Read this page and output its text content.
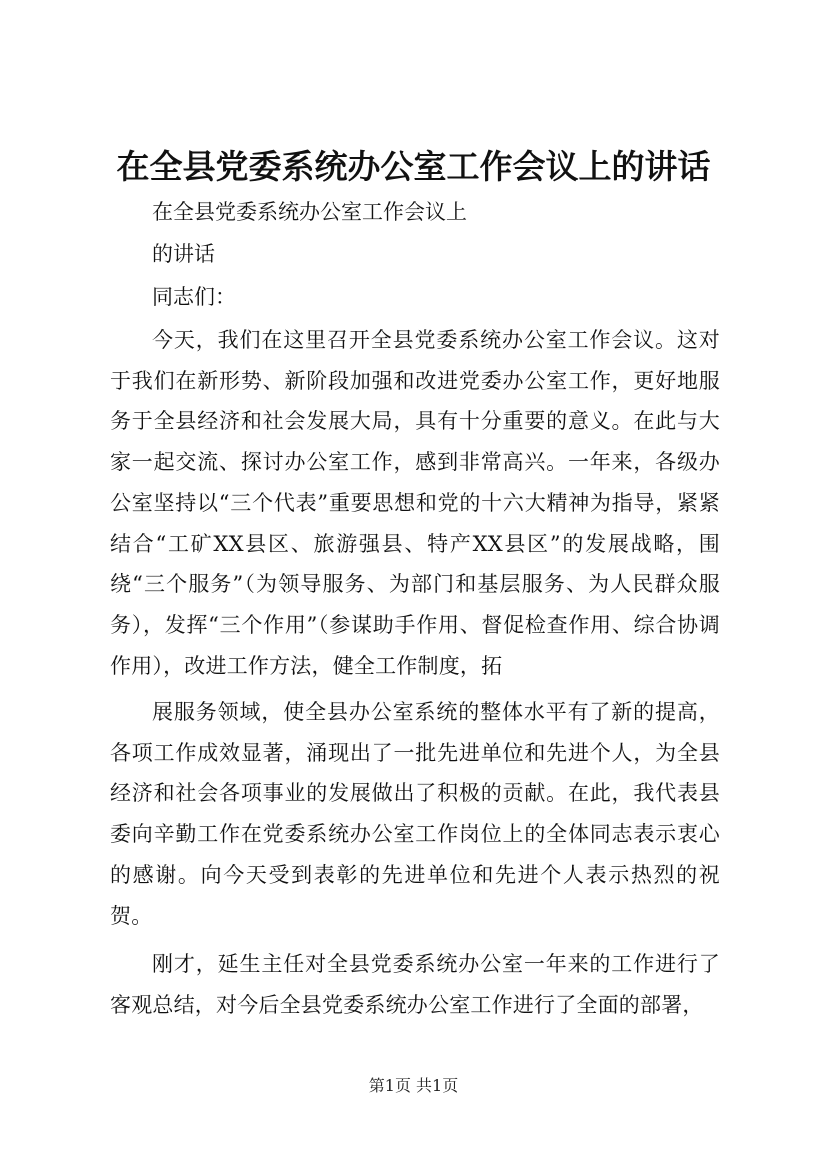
在全县党委系统办公室工作会议上的讲话

在全县党委系统办公室工作会议上

的讲话

同志们：

今天，我们在这里召开全县党委系统办公室工作会议。这对于我们在新形势、新阶段加强和改进党委办公室工作，更好地服务于全县经济和社会发展大局，具有十分重要的意义。在此与大家一起交流、探讨办公室工作，感到非常高兴。一年来，各级办公室坚持以“三个代表”重要思想和党的十六大精神为指导，紧紧结合“工矿XX县区、旅游强县、特产XX县区”的发展战略，围绕“三个服务”（为领导服务、为部门和基层服务、为人民群众服务），发挥“三个作用”（参谋助手作用、督促检查作用、综合协调作用），改进工作方法，健全工作制度，拓

展服务领域，使全县办公室系统的整体水平有了新的提高，各项工作成效显著，涌现出了一批先进单位和先进个人，为全县经济和社会各项事业的发展做出了积极的贡献。在此，我代表县委向辛勤工作在党委系统办公室工作岗位上的全体同志表示衷心的感谢。向今天受到表彰的先进单位和先进个人表示热烈的祝贺。

刚才，延生主任对全县党委系统办公室一年来的工作进行了客观总结，对今后全县党委系统办公室工作进行了全面的部署，

第1页 共1页
